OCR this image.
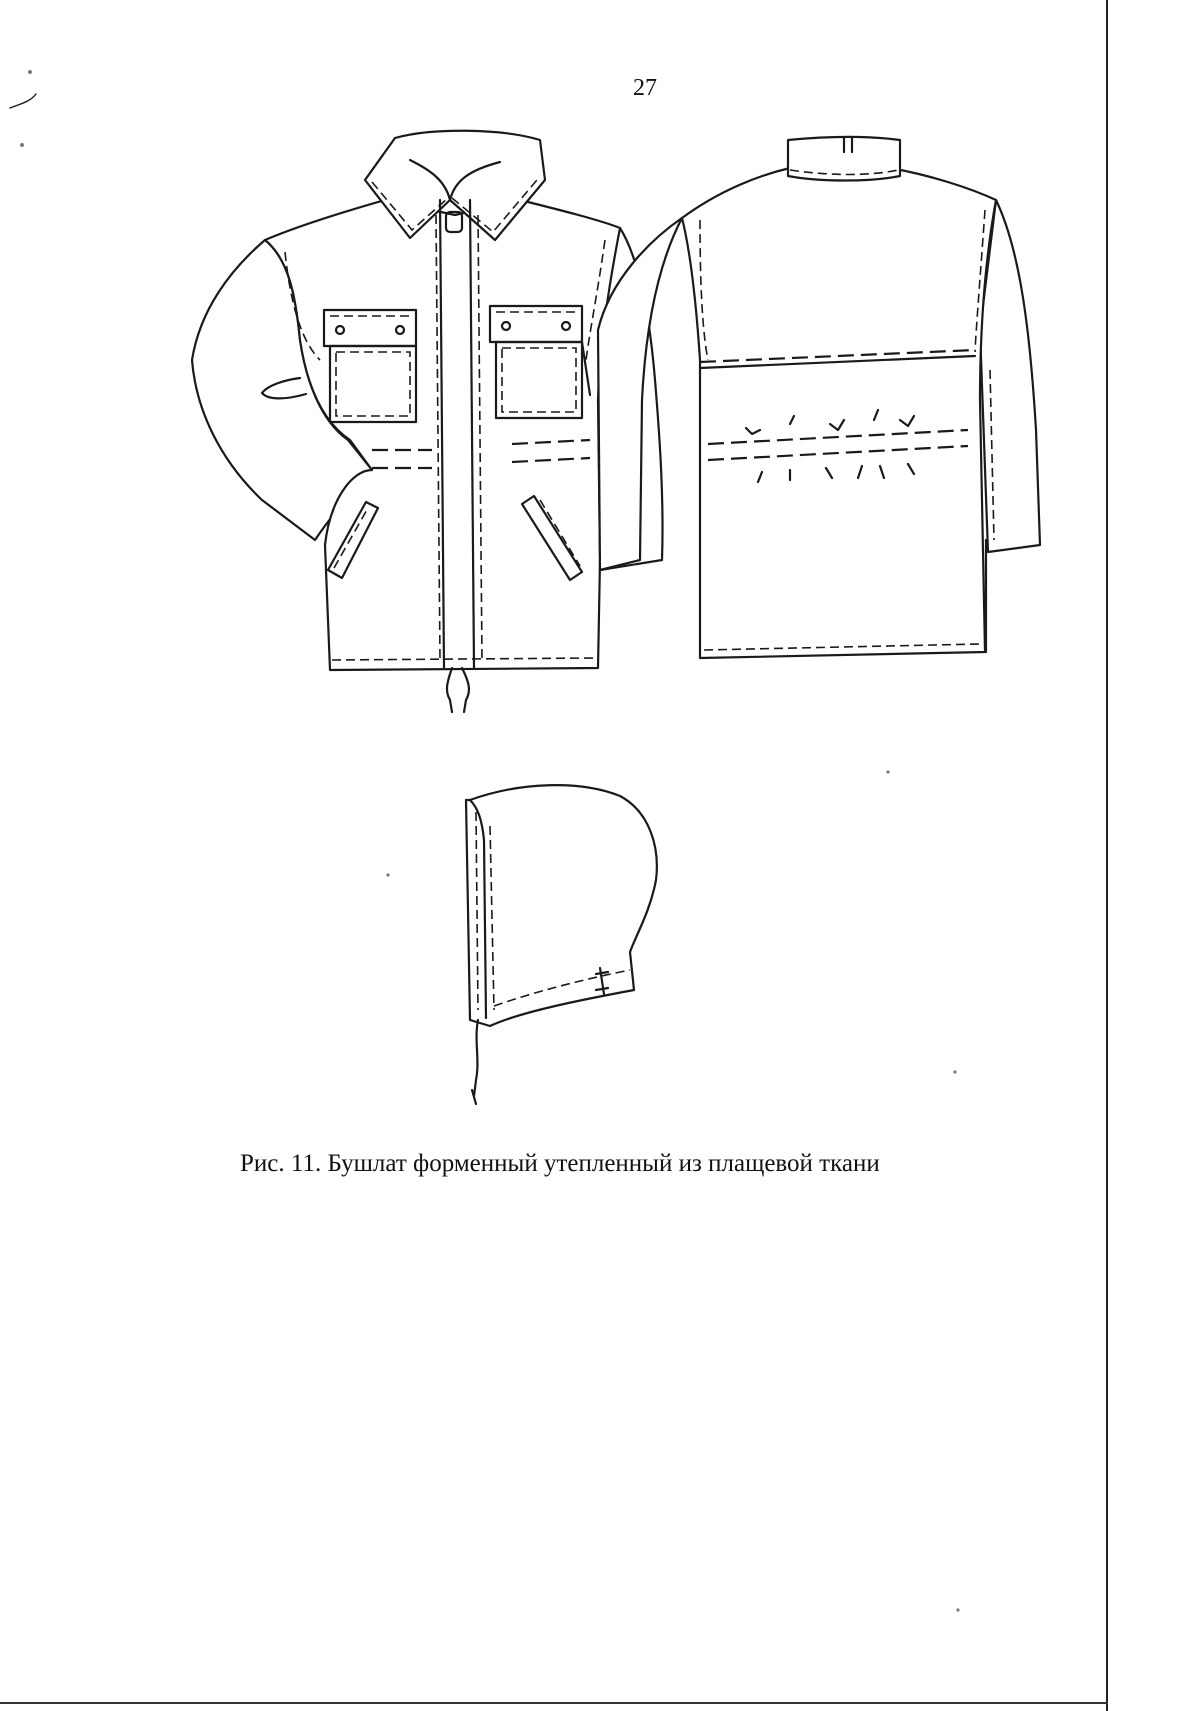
27
Рис. 11. Бушлат форменный утепленный из плащевой ткани
